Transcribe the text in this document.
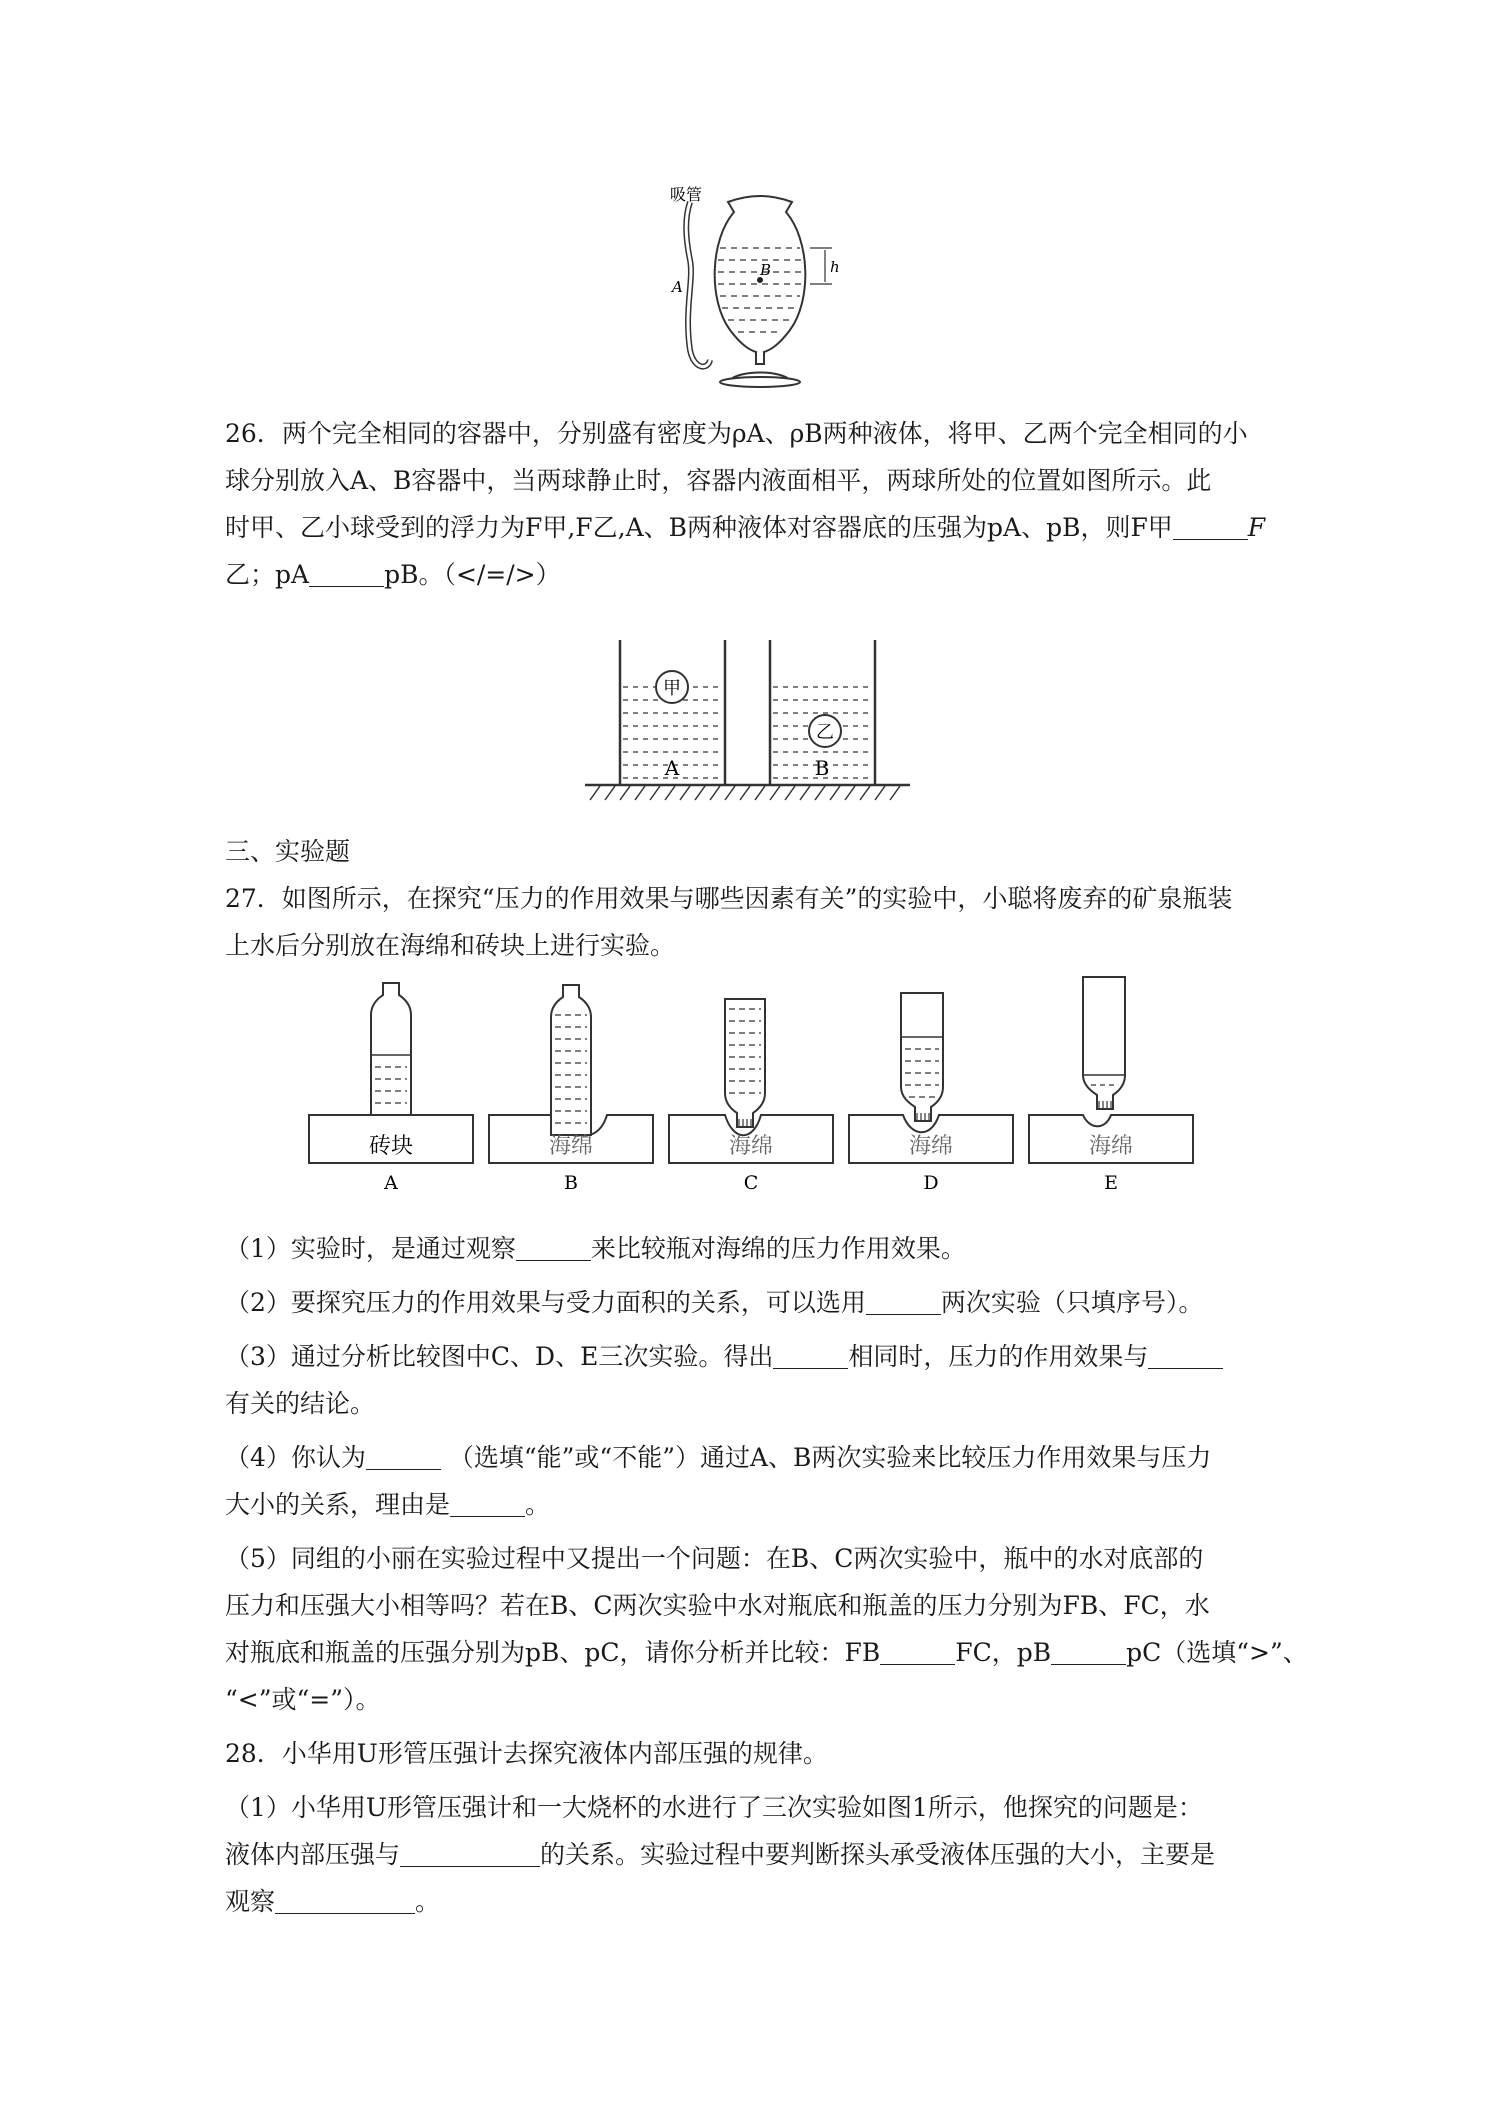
吸管
B
A
h
26．两个完全相同的容器中，分别盛有密度为ρA、ρB两种液体，将甲、乙两个完全相同的小
球分别放入A、B容器中，当两球静止时，容器内液面相平，两球所处的位置如图所示。此
时甲、乙小球受到的浮力为F甲,F乙,A、B两种液体对容器底的压强为pA、pB，则F甲	F
乙；pA	pB。（</=/>）
甲
乙
A	B
三、实验题
27．如图所示，在探究“压力的作用效果与哪些因素有关”的实验中，小聪将废弃的矿泉瓶装
上水后分别放在海绵和砖块上进行实验。
砖块	海绵	海绵	海绵	海绵
A	B	C	D	E
（1）实验时，是通过观察	来比较瓶对海绵的压力作用效果。
（2）要探究压力的作用效果与受力面积的关系，可以选用	两次实验（只填序号）。
（3）通过分析比较图中C、D、E三次实验。得出	相同时，压力的作用效果与
有关的结论。
（4）你认为	（选填“能”或“不能”）通过A、B两次实验来比较压力作用效果与压力
大小的关系，理由是	。
（5）同组的小丽在实验过程中又提出一个问题：在B、C两次实验中，瓶中的水对底部的
压力和压强大小相等吗？若在B、C两次实验中水对瓶底和瓶盖的压力分别为FB、FC，水
对瓶底和瓶盖的压强分别为pB、pC，请你分析并比较：FB	FC，pB	pC（选填“>”、
“<”或“=”）。
28．小华用U形管压强计去探究液体内部压强的规律。
（1）小华用U形管压强计和一大烧杯的水进行了三次实验如图1所示，他探究的问题是：
液体内部压强与	的关系。实验过程中要判断探头承受液体压强的大小，主要是
观察	。
